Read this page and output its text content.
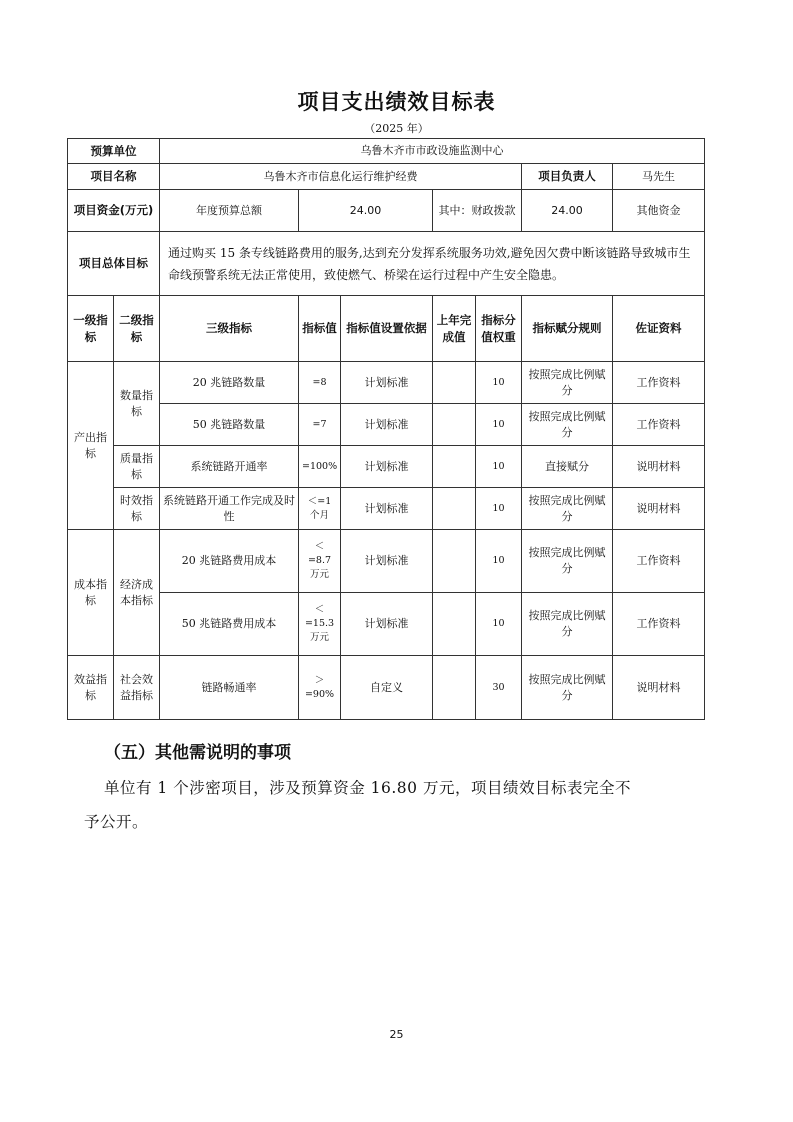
项目支出绩效目标表
（2025 年）
预算单位		乌鲁木齐市市政设施监测中心						
项目名称		乌鲁木齐市信息化运行维护经费					项目负责人	马先生
项目资金(万元)		年度预算总额	24.00		其中：财政拨款		24.00	其他资金
项目总体目标		通过购买 15 条专线链路费用的服务,达到充分发挥系统服务功效,避免因欠费中断该链路导致城市生命线预警系统无法正常使用，致使燃气、桥梁在运行过程中产生安全隐患。						
一级指标	二级指标	三级指标	指标值	指标值设置依据	上年完成值	指标分值权重	指标赋分规则	佐证资料
产出指标	数量指标	20 兆链路数量	=8	计划标准		10	按照完成比例赋分	工作资料
		50 兆链路数量	=7	计划标准		10	按照完成比例赋分	工作资料
	质量指标	系统链路开通率	=100%	计划标准		10	直接赋分	说明材料
	时效指标	系统链路开通工作完成及时性	＜=1 个月	计划标准		10	按照完成比例赋分	说明材料
成本指标	经济成本指标	20 兆链路费用成本	＜ =8.7 万元	计划标准		10	按照完成比例赋分	工作资料
		50 兆链路费用成本	＜ =15.3 万元	计划标准		10	按照完成比例赋分	工作资料
效益指标	社会效益指标	链路畅通率	＞ =90%	自定义		30	按照完成比例赋分	说明材料
（五）其他需说明的事项
单位有 1 个涉密项目，涉及预算资金 16.80 万元，项目绩效目标表完全不
予公开。
25
